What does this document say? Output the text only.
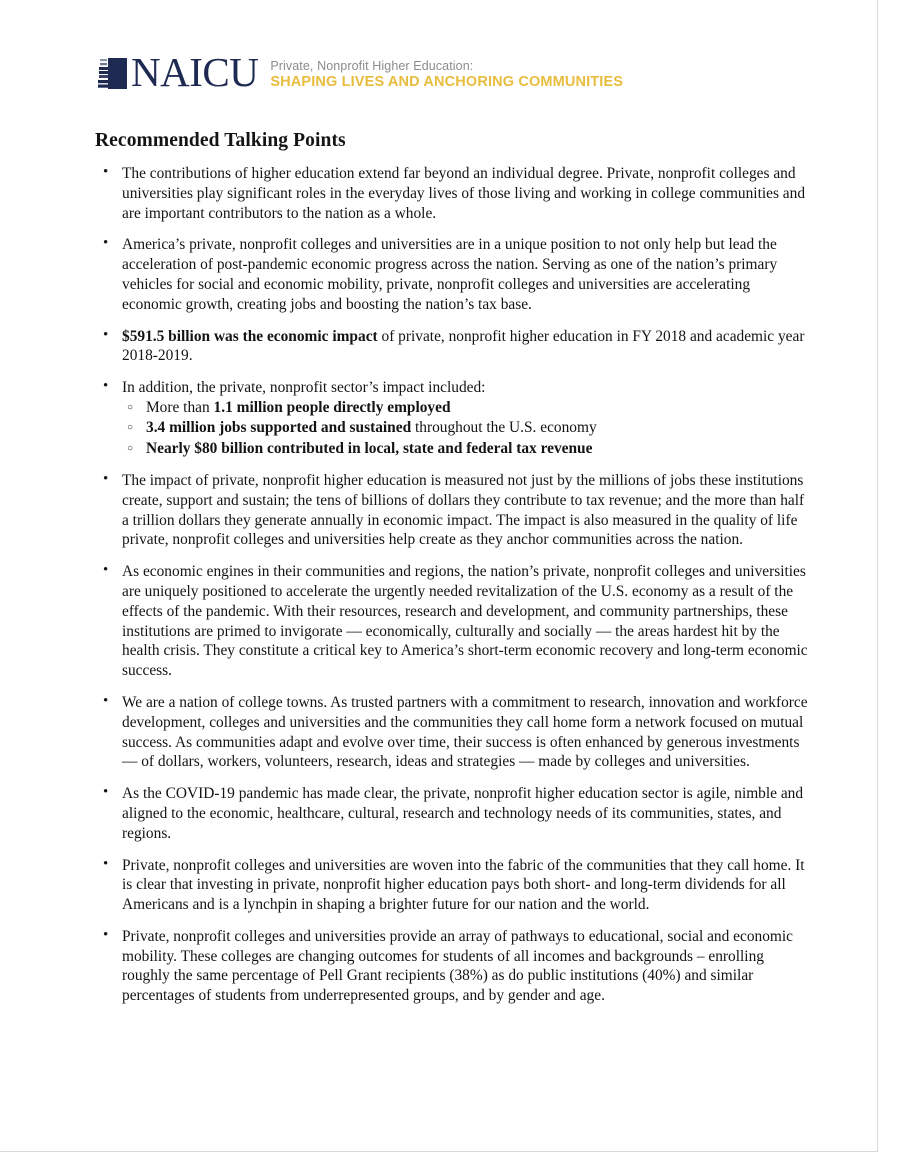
NAICU Private, Nonprofit Higher Education:
SHAPING LIVES AND ANCHORING COMMUNITIES
Recommended Talking Points
• The contributions of higher education extend far beyond an individual degree. Private, nonprofit colleges and universities play significant roles in the everyday lives of those living and working in college communities and are important contributors to the nation as a whole.
• America’s private, nonprofit colleges and universities are in a unique position to not only help but lead the acceleration of post-pandemic economic progress across the nation. Serving as one of the nation’s primary vehicles for social and economic mobility, private, nonprofit colleges and universities are accelerating economic growth, creating jobs and boosting the nation’s tax base.
• $591.5 billion was the economic impact of private, nonprofit higher education in FY 2018 and academic year 2018-2019.
• In addition, the private, nonprofit sector’s impact included:
○ More than 1.1 million people directly employed
○ 3.4 million jobs supported and sustained throughout the U.S. economy
○ Nearly $80 billion contributed in local, state and federal tax revenue
• The impact of private, nonprofit higher education is measured not just by the millions of jobs these institutions create, support and sustain; the tens of billions of dollars they contribute to tax revenue; and the more than half a trillion dollars they generate annually in economic impact. The impact is also measured in the quality of life private, nonprofit colleges and universities help create as they anchor communities across the nation.
• As economic engines in their communities and regions, the nation’s private, nonprofit colleges and universities are uniquely positioned to accelerate the urgently needed revitalization of the U.S. economy as a result of the effects of the pandemic. With their resources, research and development, and community partnerships, these institutions are primed to invigorate — economically, culturally and socially — the areas hardest hit by the health crisis. They constitute a critical key to America’s short-term economic recovery and long-term economic success.
• We are a nation of college towns. As trusted partners with a commitment to research, innovation and workforce development, colleges and universities and the communities they call home form a network focused on mutual success. As communities adapt and evolve over time, their success is often enhanced by generous investments — of dollars, workers, volunteers, research, ideas and strategies — made by colleges and universities.
• As the COVID-19 pandemic has made clear, the private, nonprofit higher education sector is agile, nimble and aligned to the economic, healthcare, cultural, research and technology needs of its communities, states, and regions.
• Private, nonprofit colleges and universities are woven into the fabric of the communities that they call home. It is clear that investing in private, nonprofit higher education pays both short- and long-term dividends for all Americans and is a lynchpin in shaping a brighter future for our nation and the world.
• Private, nonprofit colleges and universities provide an array of pathways to educational, social and economic mobility. These colleges are changing outcomes for students of all incomes and backgrounds – enrolling roughly the same percentage of Pell Grant recipients (38%) as do public institutions (40%) and similar percentages of students from underrepresented groups, and by gender and age.
